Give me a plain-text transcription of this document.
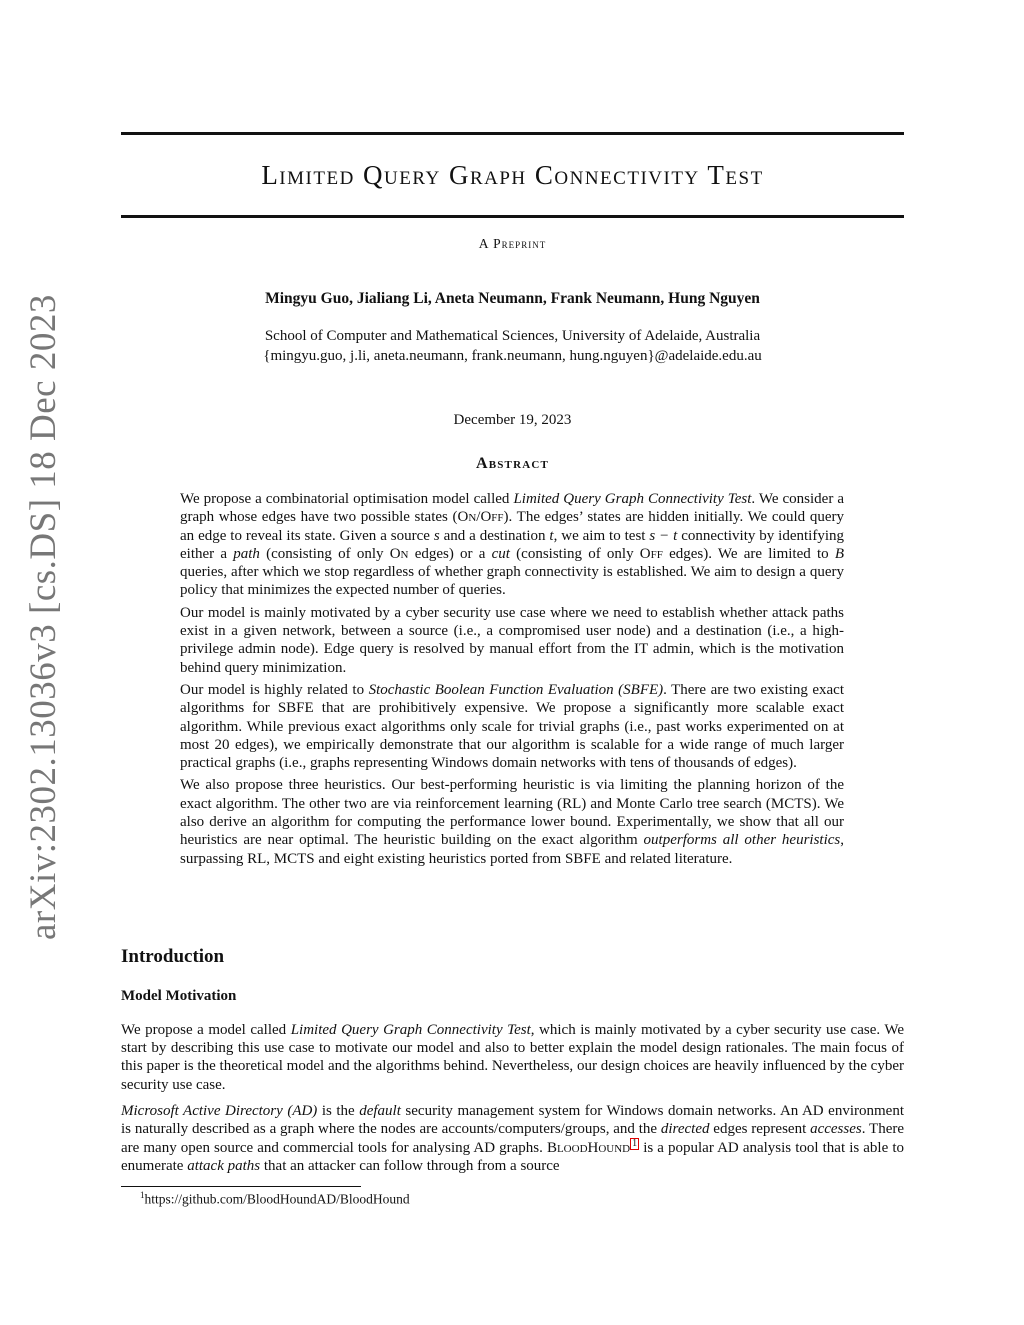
arXiv:2302.13036v3 [cs.DS] 18 Dec 2023
Limited Query Graph Connectivity Test
A Preprint
Mingyu Guo, Jialiang Li, Aneta Neumann, Frank Neumann, Hung Nguyen
School of Computer and Mathematical Sciences, University of Adelaide, Australia
{mingyu.guo, j.li, aneta.neumann, frank.neumann, hung.nguyen}@adelaide.edu.au
December 19, 2023
Abstract

We propose a combinatorial optimisation model called Limited Query Graph Connectivity Test. We consider a graph whose edges have two possible states (On/Off). The edges’ states are hidden initially. We could query an edge to reveal its state. Given a source s and a destination t, we aim to test s − t connectivity by identifying either a path (consisting of only On edges) or a cut (consisting of only Off edges). We are limited to B queries, after which we stop regardless of whether graph connectivity is established. We aim to design a query policy that minimizes the expected number of queries.

Our model is mainly motivated by a cyber security use case where we need to establish whether attack paths exist in a given network, between a source (i.e., a compromised user node) and a destination (i.e., a high-privilege admin node). Edge query is resolved by manual effort from the IT admin, which is the motivation behind query minimization.

Our model is highly related to Stochastic Boolean Function Evaluation (SBFE). There are two existing exact algorithms for SBFE that are prohibitively expensive. We propose a significantly more scalable exact algorithm. While previous exact algorithms only scale for trivial graphs (i.e., past works experimented on at most 20 edges), we empirically demonstrate that our algorithm is scalable for a wide range of much larger practical graphs (i.e., graphs representing Windows domain networks with tens of thousands of edges).

We also propose three heuristics. Our best-performing heuristic is via limiting the planning horizon of the exact algorithm. The other two are via reinforcement learning (RL) and Monte Carlo tree search (MCTS). We also derive an algorithm for computing the performance lower bound. Experimentally, we show that all our heuristics are near optimal. The heuristic building on the exact algorithm outperforms all other heuristics, surpassing RL, MCTS and eight existing heuristics ported from SBFE and related literature.

Introduction
Model Motivation

We propose a model called Limited Query Graph Connectivity Test, which is mainly motivated by a cyber security use case. We start by describing this use case to motivate our model and also to better explain the model design rationales. The main focus of this paper is the theoretical model and the algorithms behind. Nevertheless, our design choices are heavily influenced by the cyber security use case.

Microsoft Active Directory (AD) is the default security management system for Windows domain networks. An AD environment is naturally described as a graph where the nodes are accounts/computers/groups, and the directed edges represent accesses. There are many open source and commercial tools for analysing AD graphs. BloodHound 1 is a popular AD analysis tool that is able to enumerate attack paths that an attacker can follow through from a source

$^1$https://github.com/BloodHoundAD/BloodHound
